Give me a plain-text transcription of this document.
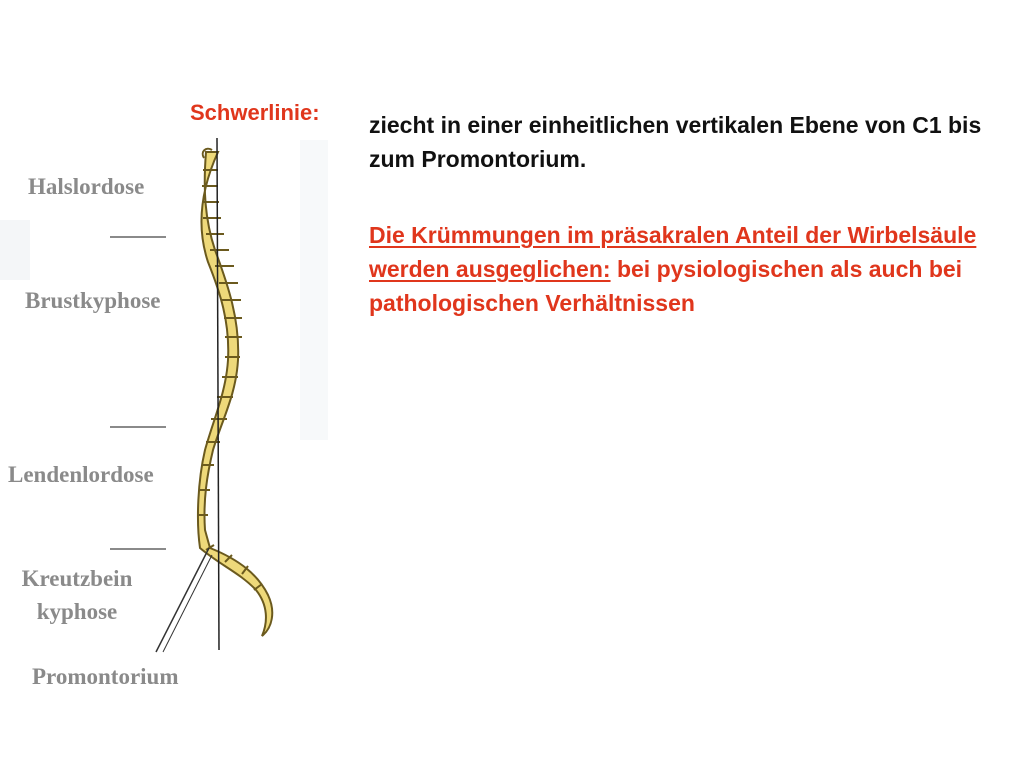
Halslordose
Brustkyphose
Lendenlordose
Kreutzbein
kyphose
Promontorium
Schwerlinie: ziecht in einer einheitlichen vertikalen Ebene von C1 bis zum Promontorium.
Die Krümmungen im präsakralen Anteil der Wirbelsäule werden ausgeglichen: bei pysiologischen als auch bei pathologischen Verhältnissen
